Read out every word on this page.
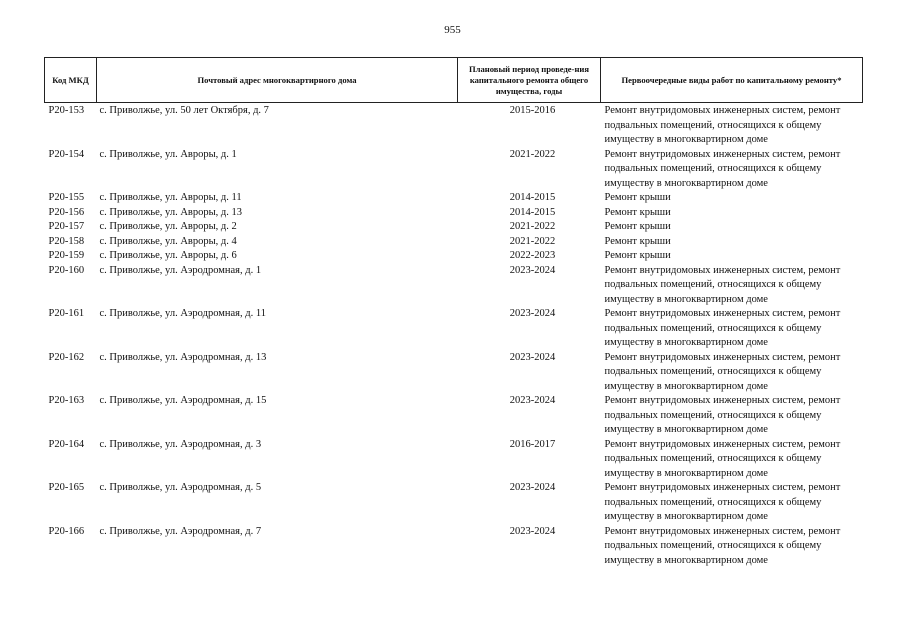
955
Код МКД	Почтовый адрес многоквартирного дома	Плановый период проведе-ния капитального ремонта общего имущества, годы	Первоочередные виды работ по капитальному ремонту*
P20-153	с. Приволжье, ул. 50 лет Октября, д. 7	2015-2016	Ремонт внутридомовых инженерных систем, ремонт подвальных помещений, относящихся к общему имуществу в многоквартирном доме
P20-154	с. Приволжье, ул. Авроры, д. 1	2021-2022	Ремонт внутридомовых инженерных систем, ремонт подвальных помещений, относящихся к общему имуществу в многоквартирном доме
P20-155	с. Приволжье, ул. Авроры, д. 11	2014-2015	Ремонт крыши
P20-156	с. Приволжье, ул. Авроры, д. 13	2014-2015	Ремонт крыши
P20-157	с. Приволжье, ул. Авроры, д. 2	2021-2022	Ремонт крыши
P20-158	с. Приволжье, ул. Авроры, д. 4	2021-2022	Ремонт крыши
P20-159	с. Приволжье, ул. Авроры, д. 6	2022-2023	Ремонт крыши
P20-160	с. Приволжье, ул. Аэродромная, д. 1	2023-2024	Ремонт внутридомовых инженерных систем, ремонт подвальных помещений, относящихся к общему имуществу в многоквартирном доме
P20-161	с. Приволжье, ул. Аэродромная, д. 11	2023-2024	Ремонт внутридомовых инженерных систем, ремонт подвальных помещений, относящихся к общему имуществу в многоквартирном доме
P20-162	с. Приволжье, ул. Аэродромная, д. 13	2023-2024	Ремонт внутридомовых инженерных систем, ремонт подвальных помещений, относящихся к общему имуществу в многоквартирном доме
P20-163	с. Приволжье, ул. Аэродромная, д. 15	2023-2024	Ремонт внутридомовых инженерных систем, ремонт подвальных помещений, относящихся к общему имуществу в многоквартирном доме
P20-164	с. Приволжье, ул. Аэродромная, д. 3	2016-2017	Ремонт внутридомовых инженерных систем, ремонт подвальных помещений, относящихся к общему имуществу в многоквартирном доме
P20-165	с. Приволжье, ул. Аэродромная, д. 5	2023-2024	Ремонт внутридомовых инженерных систем, ремонт подвальных помещений, относящихся к общему имуществу в многоквартирном доме
P20-166	с. Приволжье, ул. Аэродромная, д. 7	2023-2024	Ремонт внутридомовых инженерных систем, ремонт подвальных помещений, относящихся к общему имуществу в многоквартирном доме
